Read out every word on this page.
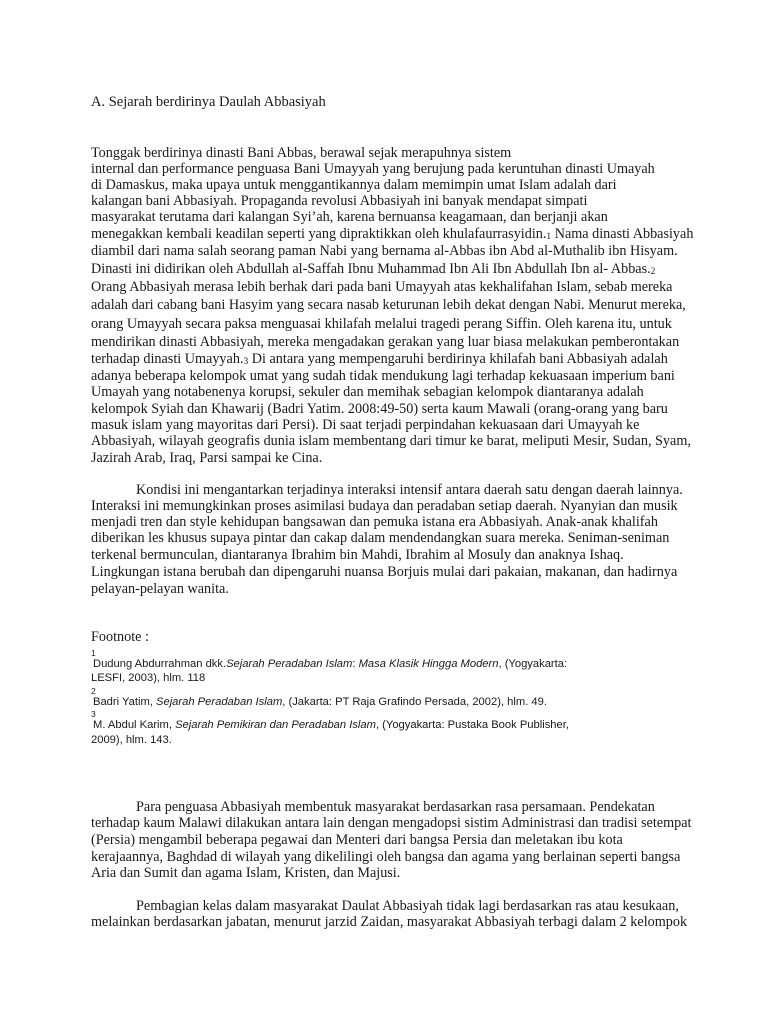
A. Sejarah berdirinya Daulah Abbasiyah
Tonggak berdirinya dinasti Bani Abbas, berawal sejak merapuhnya sistem
internal dan performance penguasa Bani Umayyah yang berujung pada keruntuhan dinasti Umayah
di Damaskus, maka upaya untuk menggantikannya dalam memimpin umat Islam adalah dari
kalangan bani Abbasiyah. Propaganda revolusi Abbasiyah ini banyak mendapat simpati
masyarakat terutama dari kalangan Syi’ah, karena bernuansa keagamaan, dan berjanji akan
menegakkan kembali keadilan seperti yang dipraktikkan oleh khulafaurrasyidin.1 Nama dinasti Abbasiyah
diambil dari nama salah seorang paman Nabi yang bernama al-Abbas ibn Abd al-Muthalib ibn Hisyam.
Dinasti ini didirikan oleh Abdullah al-Saffah Ibnu Muhammad Ibn Ali Ibn Abdullah Ibn al- Abbas.2
Orang Abbasiyah merasa lebih berhak dari pada bani Umayyah atas kekhalifahan Islam, sebab mereka
adalah dari cabang bani Hasyim yang secara nasab keturunan lebih dekat dengan Nabi. Menurut mereka,
orang Umayyah secara paksa menguasai khilafah melalui tragedi perang Siffin. Oleh karena itu, untuk
mendirikan dinasti Abbasiyah, mereka mengadakan gerakan yang luar biasa melakukan pemberontakan
terhadap dinasti Umayyah.3 Di antara yang mempengaruhi berdirinya khilafah bani Abbasiyah adalah
adanya beberapa kelompok umat yang sudah tidak mendukung lagi terhadap kekuasaan imperium bani
Umayah yang notabenenya korupsi, sekuler dan memihak sebagian kelompok diantaranya adalah
kelompok Syiah dan Khawarij (Badri Yatim. 2008:49-50) serta kaum Mawali (orang-orang yang baru
masuk islam yang mayoritas dari Persi). Di saat terjadi perpindahan kekuasaan dari Umayyah ke
Abbasiyah, wilayah geografis dunia islam membentang dari timur ke barat, meliputi Mesir, Sudan, Syam,
Jazirah Arab, Iraq, Parsi sampai ke Cina.
Kondisi ini mengantarkan terjadinya interaksi intensif antara daerah satu dengan daerah lainnya.
Interaksi ini memungkinkan proses asimilasi budaya dan peradaban setiap daerah. Nyanyian dan musik
menjadi tren dan style kehidupan bangsawan dan pemuka istana era Abbasiyah. Anak-anak khalifah
diberikan les khusus supaya pintar dan cakap dalam mendendangkan suara mereka. Seniman-seniman
terkenal bermunculan, diantaranya Ibrahim bin Mahdi, Ibrahim al Mosuly dan anaknya Ishaq.
Lingkungan istana berubah dan dipengaruhi nuansa Borjuis mulai dari pakaian, makanan, dan hadirnya
pelayan-pelayan wanita.
Footnote :
1
Dudung Abdurrahman dkk.Sejarah Peradaban Islam: Masa Klasik Hingga Modern, (Yogyakarta:
LESFI, 2003), hlm. 118
2
Badri Yatim, Sejarah Peradaban Islam, (Jakarta: PT Raja Grafindo Persada, 2002), hlm. 49.
3
M. Abdul Karim, Sejarah Pemikiran dan Peradaban Islam, (Yogyakarta: Pustaka Book Publisher,
2009), hlm. 143.
Para penguasa Abbasiyah membentuk masyarakat berdasarkan rasa persamaan. Pendekatan
terhadap kaum Malawi dilakukan antara lain dengan mengadopsi sistim Administrasi dan tradisi setempat
(Persia) mengambil beberapa pegawai dan Menteri dari bangsa Persia dan meletakan ibu kota
kerajaannya, Baghdad di wilayah yang dikelilingi oleh bangsa dan agama yang berlainan seperti bangsa
Aria dan Sumit dan agama Islam, Kristen, dan Majusi.
Pembagian kelas dalam masyarakat Daulat Abbasiyah tidak lagi berdasarkan ras atau kesukaan,
melainkan berdasarkan jabatan, menurut jarzid Zaidan, masyarakat Abbasiyah terbagi dalam 2 kelompok
